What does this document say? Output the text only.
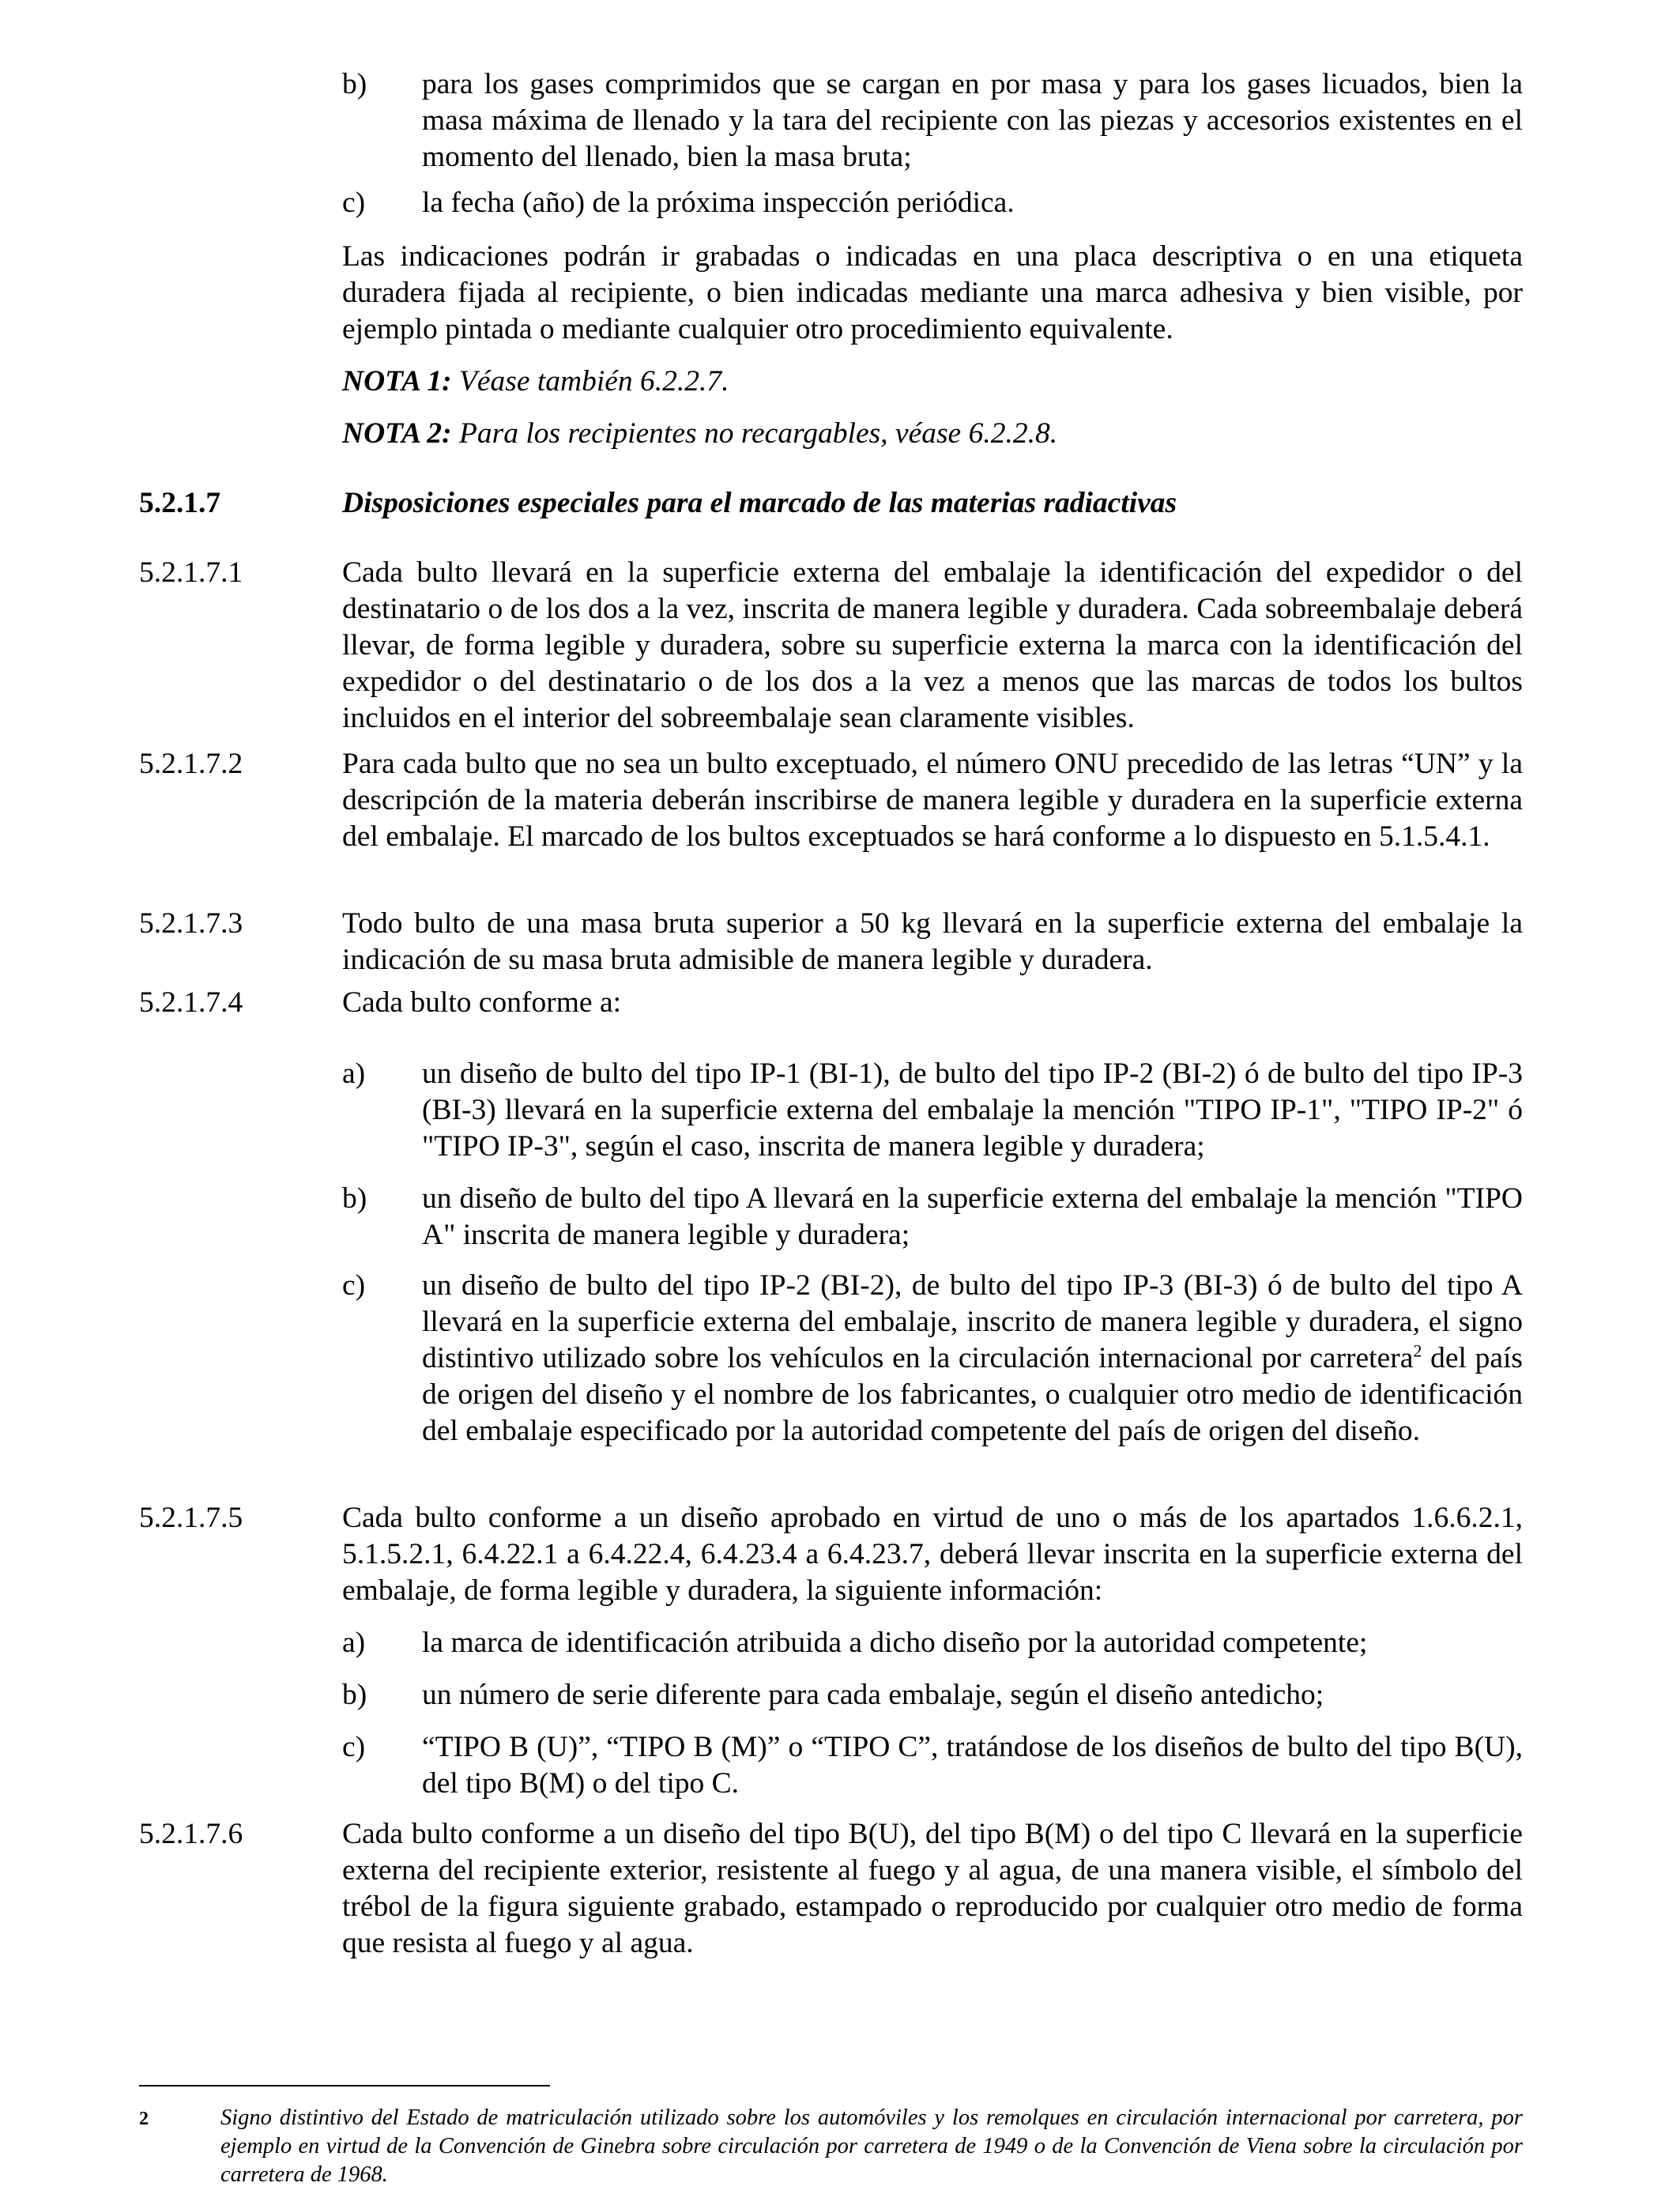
b) para los gases comprimidos que se cargan en por masa y para los gases licuados, bien la masa máxima de llenado y la tara del recipiente con las piezas y accesorios existentes en el momento del llenado, bien la masa bruta;
c) la fecha (año) de la próxima inspección periódica.
Las indicaciones podrán ir grabadas o indicadas en una placa descriptiva o en una etiqueta duradera fijada al recipiente, o bien indicadas mediante una marca adhesiva y bien visible, por ejemplo pintada o mediante cualquier otro procedimiento equivalente.
NOTA 1: Véase también 6.2.2.7.
NOTA 2: Para los recipientes no recargables, véase 6.2.2.8.
5.2.1.7	Disposiciones especiales para el marcado de las materias radiactivas
5.2.1.7.1	Cada bulto llevará en la superficie externa del embalaje la identificación del expedidor o del destinatario o de los dos a la vez, inscrita de manera legible y duradera. Cada sobreembalaje deberá llevar, de forma legible y duradera, sobre su superficie externa la marca con la identificación del expedidor o del destinatario o de los dos a la vez a menos que las marcas de todos los bultos incluidos en el interior del sobreembalaje sean claramente visibles.
5.2.1.7.2	Para cada bulto que no sea un bulto exceptuado, el número ONU precedido de las letras “UN” y la descripción de la materia deberán inscribirse de manera legible y duradera en la superficie externa del embalaje. El marcado de los bultos exceptuados se hará conforme a lo dispuesto en 5.1.5.4.1.
5.2.1.7.3	Todo bulto de una masa bruta superior a 50 kg llevará en la superficie externa del embalaje la indicación de su masa bruta admisible de manera legible y duradera.
5.2.1.7.4	Cada bulto conforme a:
a) un diseño de bulto del tipo IP-1 (BI-1), de bulto del tipo IP-2 (BI-2) ó de bulto del tipo IP-3 (BI-3) llevará en la superficie externa del embalaje la mención "TIPO IP-1", "TIPO IP-2" ó "TIPO IP-3", según el caso, inscrita de manera legible y duradera;
b) un diseño de bulto del tipo A llevará en la superficie externa del embalaje la mención "TIPO A" inscrita de manera legible y duradera;
c) un diseño de bulto del tipo IP-2 (BI-2), de bulto del tipo IP-3 (BI-3) ó de bulto del tipo A llevará en la superficie externa del embalaje, inscrito de manera legible y duradera, el signo distintivo utilizado sobre los vehículos en la circulación internacional por carretera$^2$ del país de origen del diseño y el nombre de los fabricantes, o cualquier otro medio de identificación del embalaje especificado por la autoridad competente del país de origen del diseño.
5.2.1.7.5	Cada bulto conforme a un diseño aprobado en virtud de uno o más de los apartados 1.6.6.2.1, 5.1.5.2.1, 6.4.22.1 a 6.4.22.4, 6.4.23.4 a 6.4.23.7, deberá llevar inscrita en la superficie externa del embalaje, de forma legible y duradera, la siguiente información:
a) la marca de identificación atribuida a dicho diseño por la autoridad competente;
b) un número de serie diferente para cada embalaje, según el diseño antedicho;
c) “TIPO B (U)”, “TIPO B (M)” o “TIPO C”, tratándose de los diseños de bulto del tipo B(U), del tipo B(M) o del tipo C.
5.2.1.7.6	Cada bulto conforme a un diseño del tipo B(U), del tipo B(M) o del tipo C llevará en la superficie externa del recipiente exterior, resistente al fuego y al agua, de una manera visible, el símbolo del trébol de la figura siguiente grabado, estampado o reproducido por cualquier otro medio de forma que resista al fuego y al agua.
2	Signo distintivo del Estado de matriculación utilizado sobre los automóviles y los remolques en circulación internacional por carretera, por ejemplo en virtud de la Convención de Ginebra sobre circulación por carretera de 1949 o de la Convención de Viena sobre la circulación por carretera de 1968.
